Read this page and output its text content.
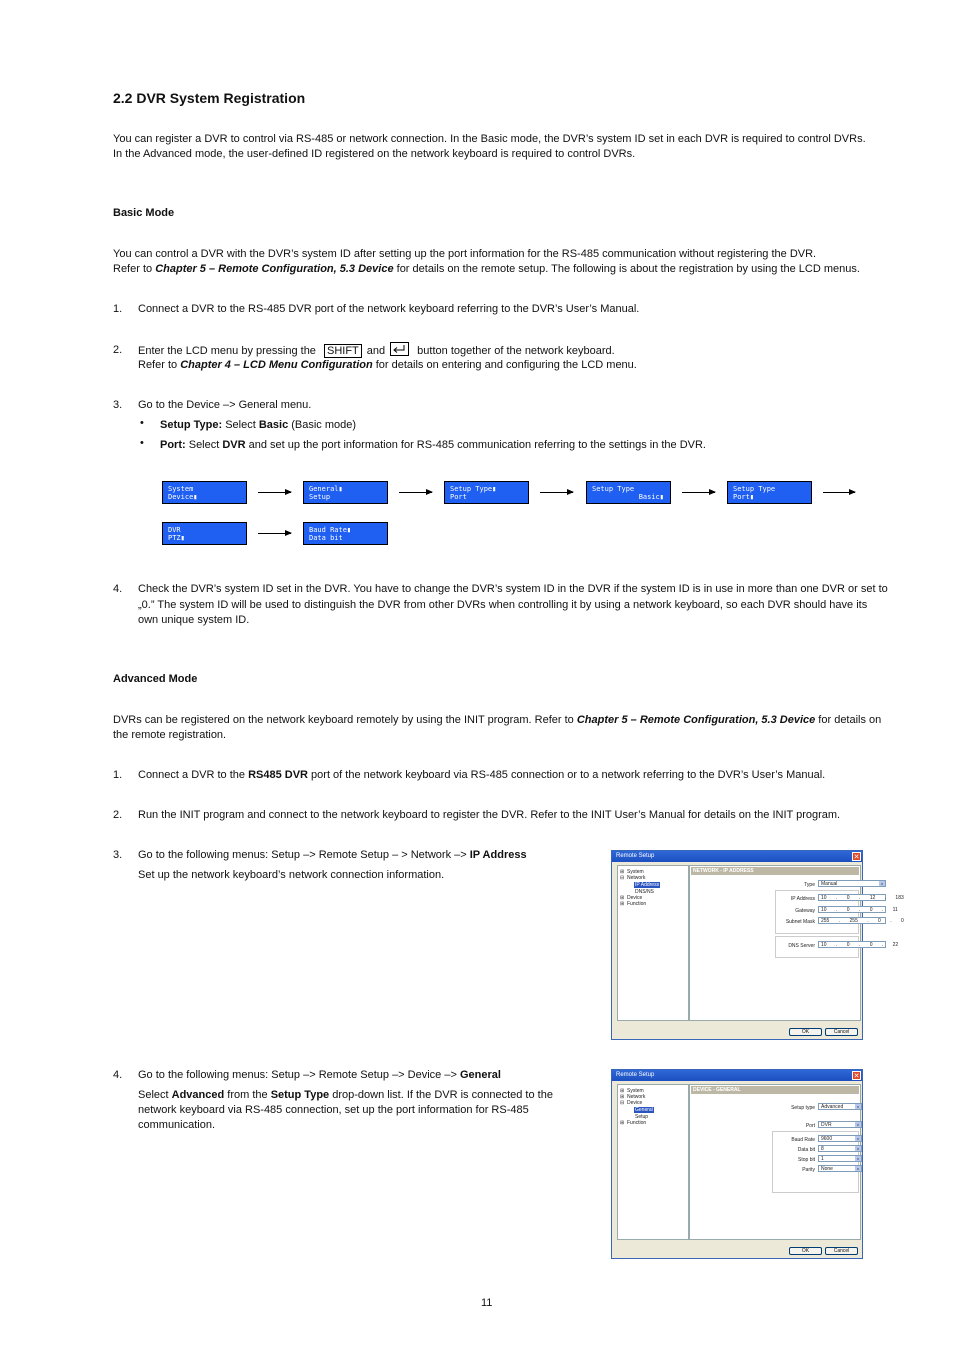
2.2 DVR System Registration
You can register a DVR to control via RS-485 or network connection. In the Basic mode, the DVR’s system ID set in each DVR is required to control DVRs.
In the Advanced mode, the user-defined ID registered on the network keyboard is required to control DVRs.
Basic Mode
You can control a DVR with the DVR’s system ID after setting up the port information for the RS-485 communication without registering the DVR.
Refer to Chapter 5 – Remote Configuration, 5.3 Device for details on the remote setup. The following is about the registration by using the LCD menus.
1. Connect a DVR to the RS-485 DVR port of the network keyboard referring to the DVR’s User’s Manual.
2. Enter the LCD menu by pressing the SHIFT and	button together of the network keyboard.
Refer to Chapter 4 – LCD Menu Configuration for details on entering and configuring the LCD menu.
3. Go to the Device –> General menu.
• Setup Type: Select Basic (Basic mode)
• Port: Select DVR and set up the port information for RS-485 communication referring to the settings in the DVR.
System
Device▮
General▮
Setup
Setup Type▮
Port
Setup Type
Basic▮
Setup Type
Port▮
DVR
PTZ▮
Baud Rate▮
Data bit
4. Check the DVR’s system ID set in the DVR. You have to change the DVR’s system ID in the DVR if the system ID is in use in more than one DVR or set to
„0.” The system ID will be used to distinguish the DVR from other DVRs when controlling it by using a network keyboard, so each DVR should have its
own unique system ID.
Advanced Mode
DVRs can be registered on the network keyboard remotely by using the INIT program. Refer to Chapter 5 – Remote Configuration, 5.3 Device for details on
the remote registration.
1. Connect a DVR to the RS485 DVR port of the network keyboard via RS-485 connection or to a network referring to the DVR’s User’s Manual.
2. Run the INIT program and connect to the network keyboard to register the DVR. Refer to the INIT User’s Manual for details on the INIT program.
3. Go to the following menus: Setup –> Remote Setup – > Network –> IP Address
Set up the network keyboard’s network connection information.
Remote Setup	✕
⊞ System
⊟ Network
IP Address
DNS/NS
⊞ Device
⊞ Function
NETWORK - IP ADDRESS
Type	Manual	v
IP Address	10 . 0 . 12 . 183
Gateway	10 . 0 . 0 . 11
Subnet Mask	255 . 255 . 0 . 0
DNS Server	10 . 0 . 0 . 22
OK	Cancel
4. Go to the following menus: Setup –> Remote Setup –> Device –> General
Select Advanced from the Setup Type drop-down list. If the DVR is connected to the
network keyboard via RS-485 connection, set up the port information for RS-485
communication.
Remote Setup	✕
⊞ System
⊞ Network
⊟ Device
General
Setup
⊞ Function
DEVICE - GENERAL
Setup type	Advanced	v
Port	DVR	v
Baud Rate	9600	v
Data bit	8	v
Stop bit	1	v
Parity	None	v
OK	Cancel
11
